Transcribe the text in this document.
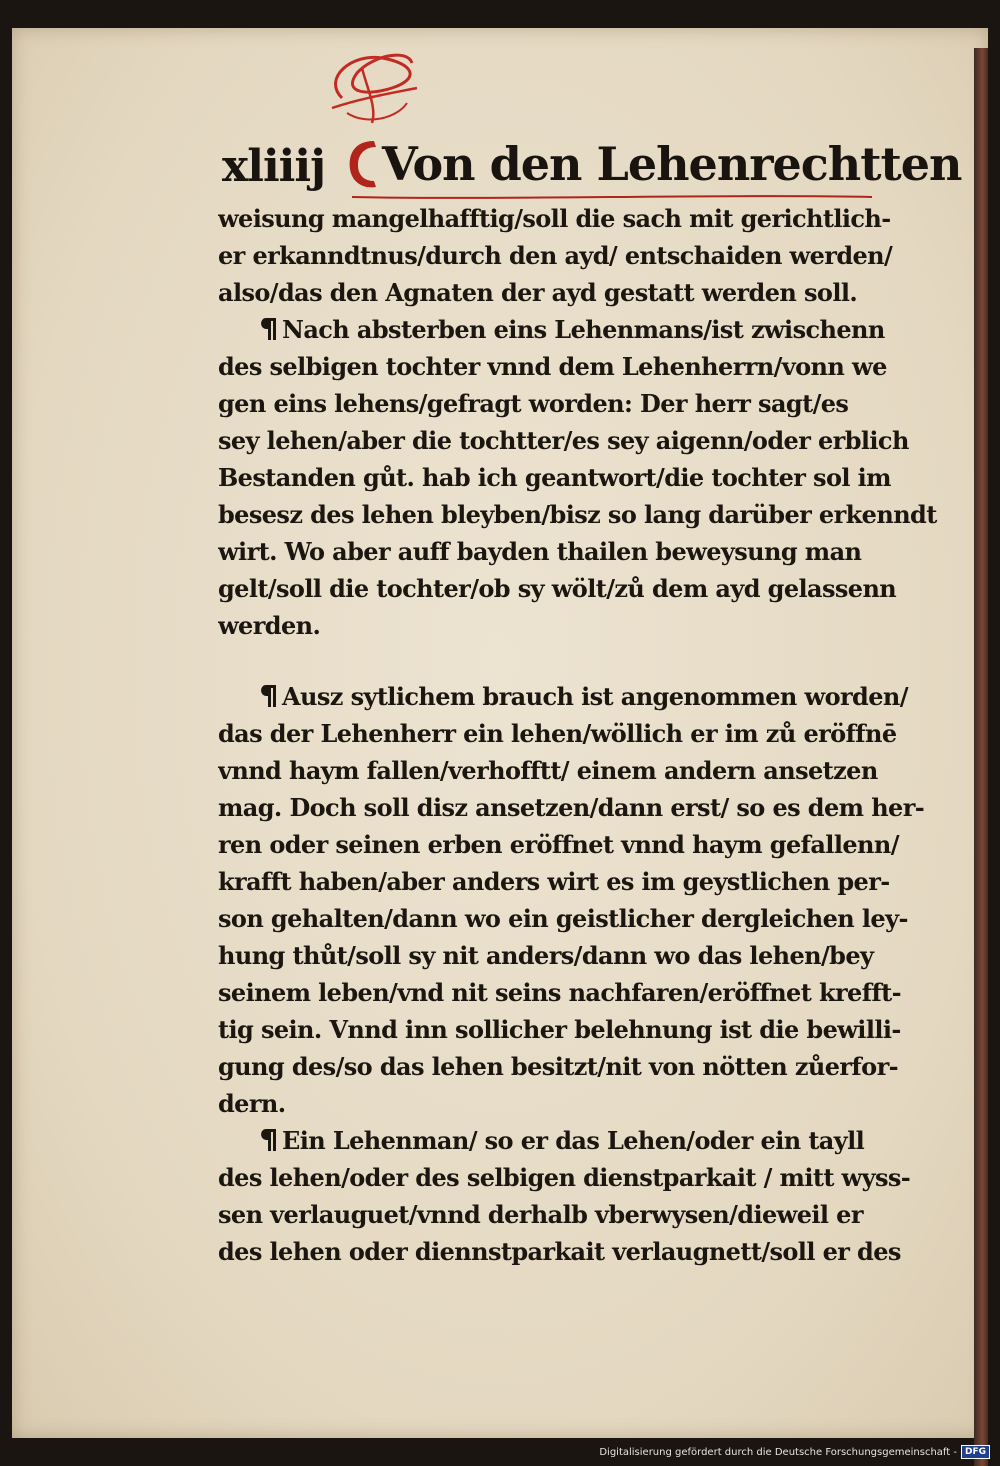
xliiij Von den Lehenrechtten
weisung mangelhafftig/soll die sach mit gerichtlich-
er erkanndtnus/durch den ayd/ entschaiden werden/
also/das den Agnaten der ayd gestatt werden soll.
Nach absterben eins Lehenmans/ist zwischenn
des selbigen tochter vnnd dem Lehenherrn/vonn we
gen eins lehens/gefragt worden: Der herr sagt/es
sey lehen/aber die tochtter/es sey aigenn/oder erblich
Bestanden gůt. hab ich geantwort/die tochter sol im
besesz des lehen bleyben/bisz so lang darüber erkenndt
wirt. Wo aber auff bayden thailen beweysung man
gelt/soll die tochter/ob sy wölt/zů dem ayd gelassenn
werden.
Ausz sytlichem brauch ist angenommen worden/
das der Lehenherr ein lehen/wöllich er im zů eröffnē
vnnd haym fallen/verhofftt/ einem andern ansetzen
mag. Doch soll disz ansetzen/dann erst/ so es dem her-
ren oder seinen erben eröffnet vnnd haym gefallenn/
krafft haben/aber anders wirt es im geystlichen per-
son gehalten/dann wo ein geistlicher dergleichen ley-
hung thůt/soll sy nit anders/dann wo das lehen/bey
seinem leben/vnd nit seins nachfaren/eröffnet krefft-
tig sein. Vnnd inn sollicher belehnung ist die bewilli-
gung des/so das lehen besitzt/nit von nötten zůerfor-
dern.
Ein Lehenman/ so er das Lehen/oder ein tayll
des lehen/oder des selbigen dienstparkait / mitt wyss-
sen verlauguet/vnnd derhalb vberwysen/dieweil er
des lehen oder diennstparkait verlaugnett/soll er des
Digitalisierung gefördert durch die Deutsche Forschungsgemeinschaft - DFG
